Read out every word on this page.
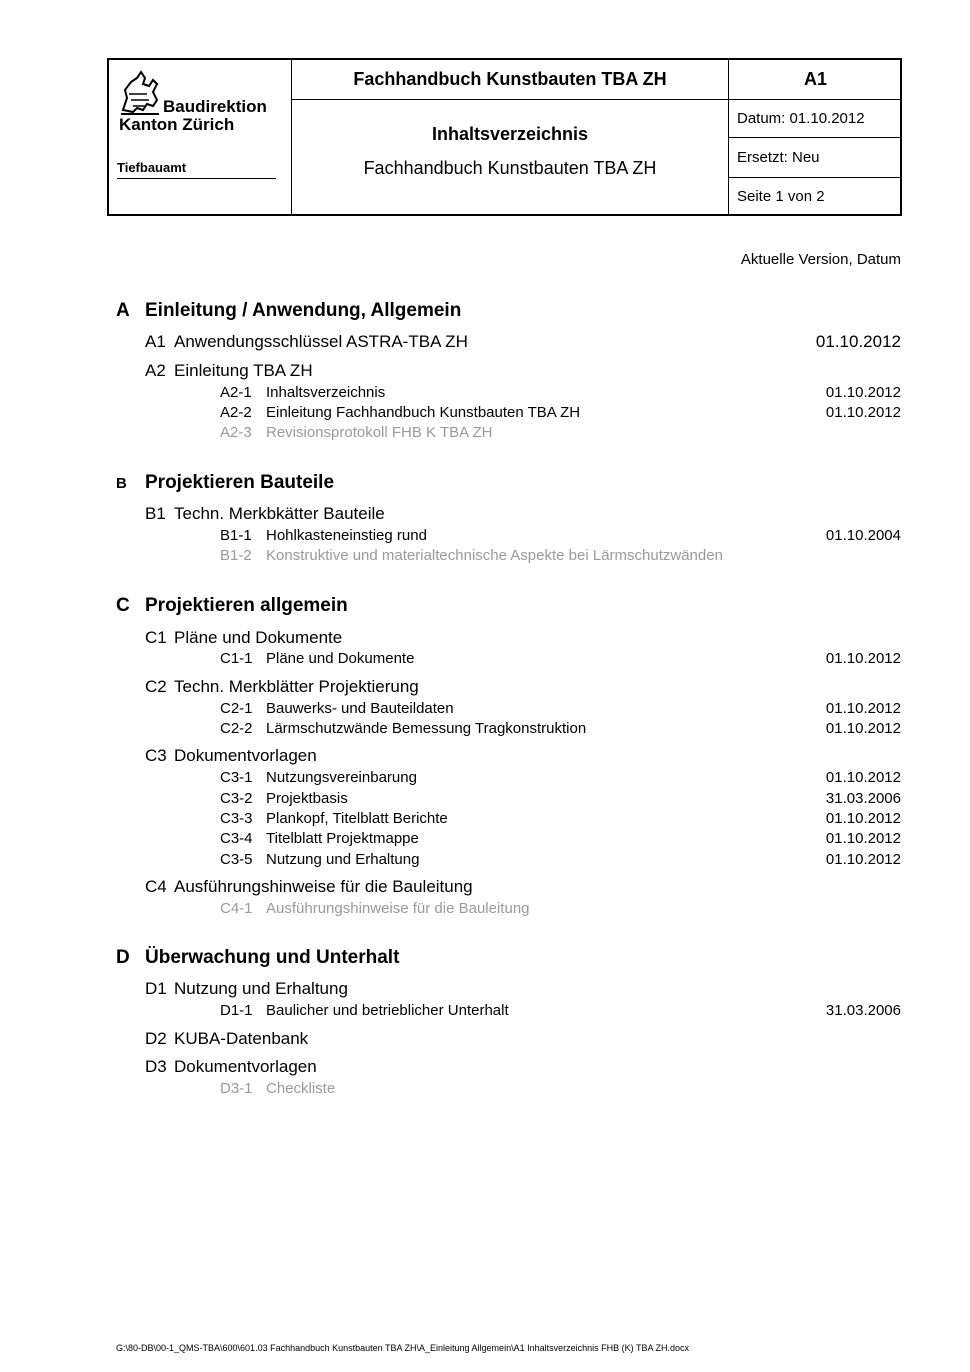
Baudirektion
Kanton Zürich
Tiefbauamt
Fachhandbuch Kunstbauten TBA ZH
Inhaltsverzeichnis
Fachhandbuch Kunstbauten TBA ZH
A1
Datum: 01.10.2012
Ersetzt: Neu
Seite 1 von 2
Aktuelle Version, Datum
A Einleitung / Anwendung, Allgemein
A1 Anwendungsschlüssel ASTRA-TBA ZH	01.10.2012
A2 Einleitung TBA ZH
A2-1 Inhaltsverzeichnis	01.10.2012
A2-2 Einleitung Fachhandbuch Kunstbauten TBA ZH	01.10.2012
A2-3 Revisionsprotokoll FHB K TBA ZH
B Projektieren Bauteile
B1 Techn. Merkbkätter Bauteile
B1-1 Hohlkasteneinstieg rund	01.10.2004
B1-2 Konstruktive und materialtechnische Aspekte bei Lärmschutzwänden
C Projektieren allgemein
C1 Pläne und Dokumente
C1-1 Pläne und Dokumente	01.10.2012
C2 Techn. Merkblätter Projektierung
C2-1 Bauwerks- und Bauteildaten	01.10.2012
C2-2 Lärmschutzwände Bemessung Tragkonstruktion	01.10.2012
C3 Dokumentvorlagen
C3-1 Nutzungsvereinbarung	01.10.2012
C3-2 Projektbasis	31.03.2006
C3-3 Plankopf, Titelblatt Berichte	01.10.2012
C3-4 Titelblatt Projektmappe	01.10.2012
C3-5 Nutzung und Erhaltung	01.10.2012
C4 Ausführungshinweise für die Bauleitung
C4-1 Ausführungshinweise für die Bauleitung
D Überwachung und Unterhalt
D1 Nutzung und Erhaltung
D1-1 Baulicher und betrieblicher Unterhalt	31.03.2006
D2 KUBA-Datenbank
D3 Dokumentvorlagen
D3-1 Checkliste
G:\80-DB\00-1_QMS-TBA\600\601.03 Fachhandbuch Kunstbauten TBA ZH\A_Einleitung Allgemein\A1 Inhaltsverzeichnis FHB (K) TBA ZH.docx
